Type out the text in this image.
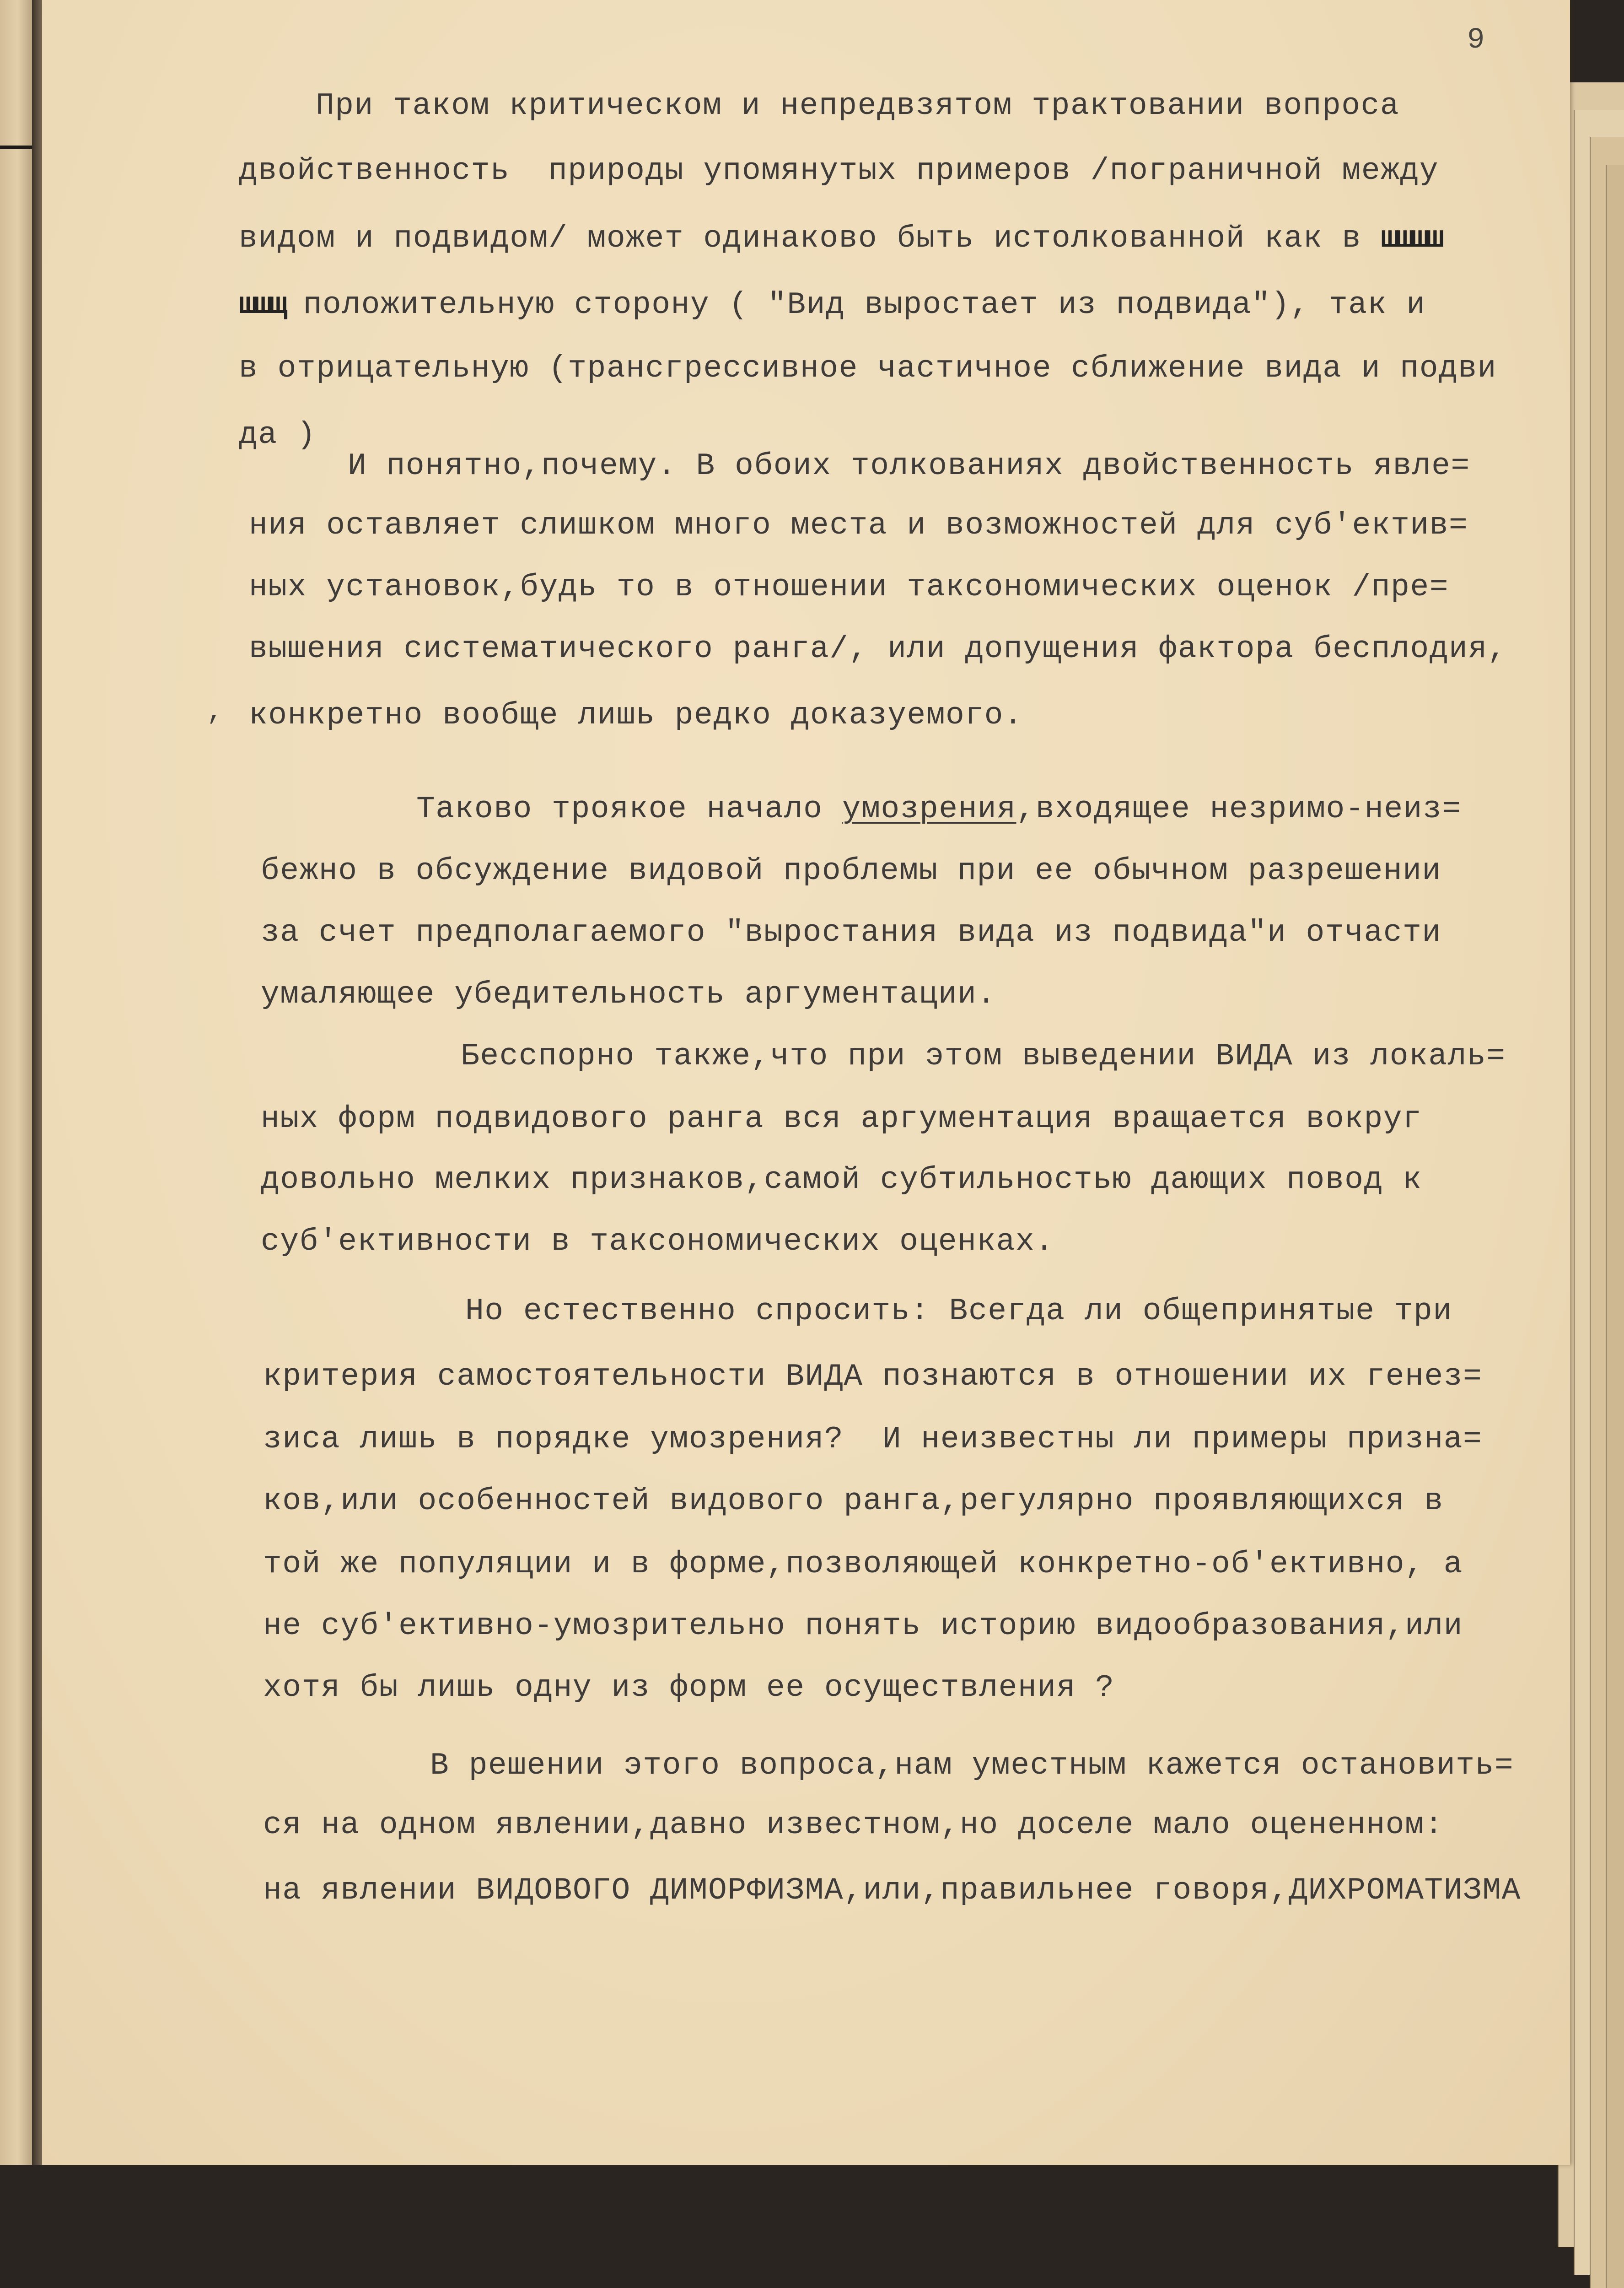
9
При таком критическом и непредвзятом трактовании вопроса
двойственность  природы упомянутых примеров /пограничной между
видом и подвидом/ может одинаково быть истолкованной как в шшшш
шшщ положительную сторону ( "Вид выростает из подвида"), так и
в отрицательную (трансгрессивное частичное сближение вида и подви
да )
И понятно,почему. В обоих толкованиях двойственность явле=
ния оставляет слишком много места и возможностей для суб'ектив=
ных установок,будь то в отношении таксономических оценок /пре=
вышения систематического ранга/, или допущения фактора бесплодия,
конкретно вообще лишь редко доказуемого.
,
Таково трoякое начало умозрения,входящее незримо-неиз=
бежно в обсуждение видовой проблемы при ее обычном разрешении
за счет предполагаемого "выростания вида из подвида"и отчасти
умаляющее убедительность аргументации.
Бесспорно также,что при этом выведении ВИДА из локаль=
ных форм подвидового ранга вся аргументация вращается вокруг
довольно мелких признаков,самой субтильностью дающих повод к
суб'ективности в таксономических оценках.
Но естественно спросить: Всегда ли общепринятые три
критерия самостоятельности ВИДА познаются в отношении их генез=
зиса лишь в порядке умозрения?  И неизвестны ли примеры призна=
ков,или особенностей видового ранга,регулярно проявляющихся в
той же популяции и в форме,позволяющей конкретно-об'ективно, а
не суб'ективно-умозрительно понять историю видообразования,или
хотя бы лишь одну из форм ее осуществления ?
В решении этого вопроса,нам уместным кажется остановить=
ся на одном явлении,давно известном,но доселе мало оцененном:
на явлении ВИДОВОГО ДИМОРФИЗМА,или,правильнее говоря,ДИХРОМАТИЗМА
